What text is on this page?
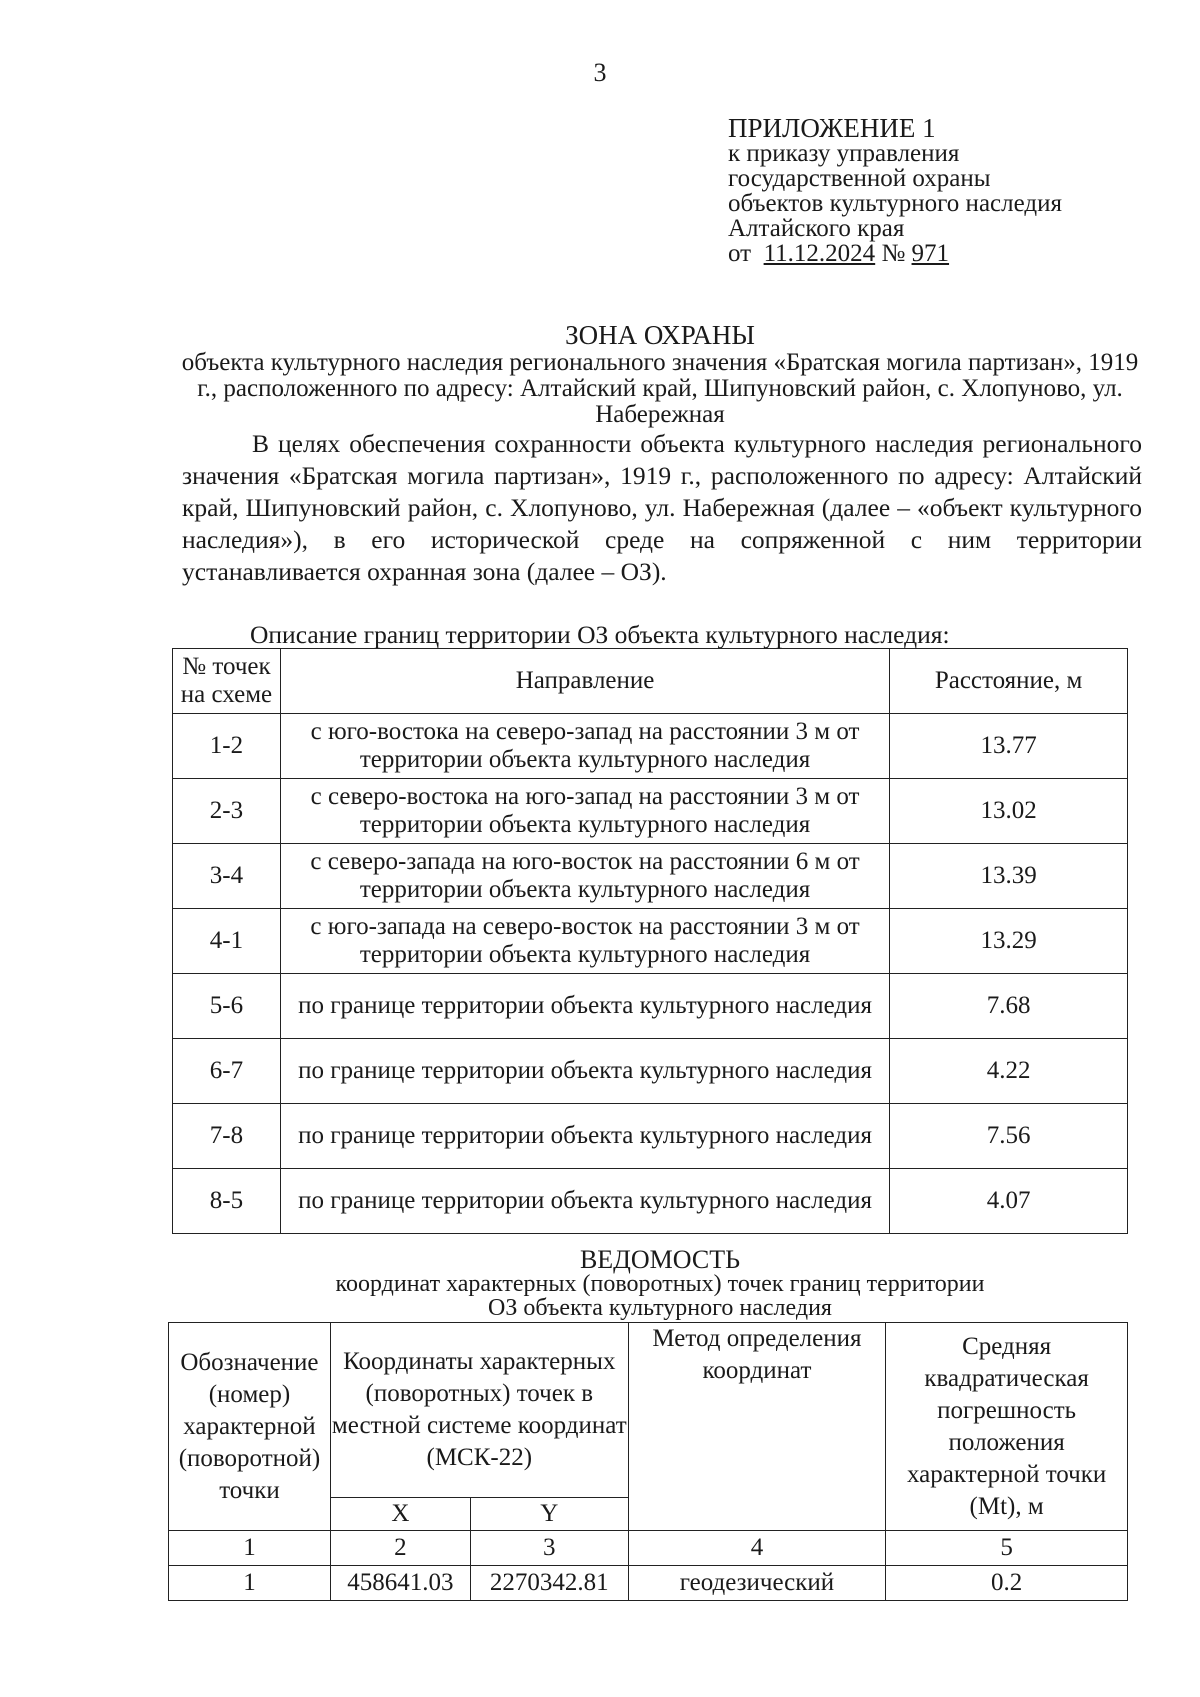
3
ПРИЛОЖЕНИЕ 1
к приказу управления
государственной охраны
объектов культурного наследия
Алтайского края
от 11.12.2024 № 971
ЗОНА ОХРАНЫ
объекта культурного наследия регионального значения «Братская могила партизан», 1919 г., расположенного по адресу: Алтайский край, Шипуновский район, с. Хлопуново, ул. Набережная
В целях обеспечения сохранности объекта культурного наследия регионального значения «Братская могила партизан», 1919 г., расположенного по адресу: Алтайский край, Шипуновский район, с. Хлопуново, ул. Набережная (далее – «объект культурного наследия»), в его исторической среде на сопряженной с ним территории устанавливается охранная зона (далее – ОЗ).
Описание границ территории ОЗ объекта культурного наследия:
№ точек на схеме	Направление	Расстояние, м
1-2	с юго-востока на северо-запад на расстоянии 3 м от территории объекта культурного наследия	13.77
2-3	с северо-востока на юго-запад на расстоянии 3 м от территории объекта культурного наследия	13.02
3-4	с северо-запада на юго-восток на расстоянии 6 м от территории объекта культурного наследия	13.39
4-1	с юго-запада на северо-восток на расстоянии 3 м от территории объекта культурного наследия	13.29
5-6	по границе территории объекта культурного наследия	7.68
6-7	по границе территории объекта культурного наследия	4.22
7-8	по границе территории объекта культурного наследия	7.56
8-5	по границе территории объекта культурного наследия	4.07
ВЕДОМОСТЬ
координат характерных (поворотных) точек границ территории ОЗ объекта культурного наследия
Обозначение (номер) характерной (поворотной) точки	Координаты характерных (поворотных) точек в местной системе координат (МСК-22)		Метод определения координат	Средняя квадратическая погрешность положения характерной точки (Mt), м
	X	Y		
1	2	3	4	5
1	458641.03	2270342.81	геодезический	0.2
